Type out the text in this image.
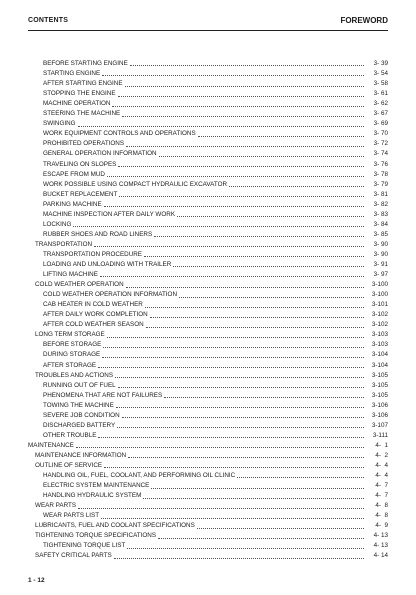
CONTENTS	FOREWORD
BEFORE STARTING ENGINE	3- 39
STARTING ENGINE	3- 54
AFTER STARTING ENGINE	3- 58
STOPPING THE ENGINE	3- 61
MACHINE OPERATION	3- 62
STEERING THE MACHINE	3- 67
SWINGING	3- 69
WORK EQUIPMENT CONTROLS AND OPERATIONS	3- 70
PROHIBITED OPERATIONS	3- 72
GENERAL OPERATION INFORMATION	3- 74
TRAVELING ON SLOPES	3- 76
ESCAPE FROM MUD	3- 78
WORK POSSIBLE USING COMPACT HYDRAULIC EXCAVATOR	3- 79
BUCKET REPLACEMENT	3- 81
PARKING MACHINE	3- 82
MACHINE INSPECTION AFTER DAILY WORK	3- 83
LOCKING	3- 84
RUBBER SHOES AND ROAD LINERS	3- 85
TRANSPORTATION	3- 90
TRANSPORTATION PROCEDURE	3- 90
LOADING AND UNLOADING WITH TRAILER	3- 91
LIFTING MACHINE	3- 97
COLD WEATHER OPERATION	3-100
COLD WEATHER OPERATION INFORMATION	3-100
CAB HEATER IN COLD WEATHER	3-101
AFTER DAILY WORK COMPLETION	3-102
AFTER COLD WEATHER SEASON	3-102
LONG TERM STORAGE	3-103
BEFORE STORAGE	3-103
DURING STORAGE	3-104
AFTER STORAGE	3-104
TROUBLES AND ACTIONS	3-105
RUNNING OUT OF FUEL	3-105
PHENOMENA THAT ARE NOT FAILURES	3-105
TOWING THE MACHINE	3-106
SEVERE JOB CONDITION	3-106
DISCHARGED BATTERY	3-107
OTHER TROUBLE	3-111
MAINTENANCE	4-  1
MAINTENANCE INFORMATION	4-  2
OUTLINE OF SERVICE	4-  4
HANDLING OIL, FUEL, COOLANT, AND PERFORMING OIL CLINIC	4-  4
ELECTRIC SYSTEM MAINTENANCE	4-  7
HANDLING HYDRAULIC SYSTEM	4-  7
WEAR PARTS	4-  8
WEAR PARTS LIST	4-  8
LUBRICANTS, FUEL AND COOLANT SPECIFICATIONS	4-  9
TIGHTENING TORQUE SPECIFICATIONS	4- 13
TIGHTENING TORQUE LIST	4- 13
SAFETY CRITICAL PARTS	4- 14
1 - 12
